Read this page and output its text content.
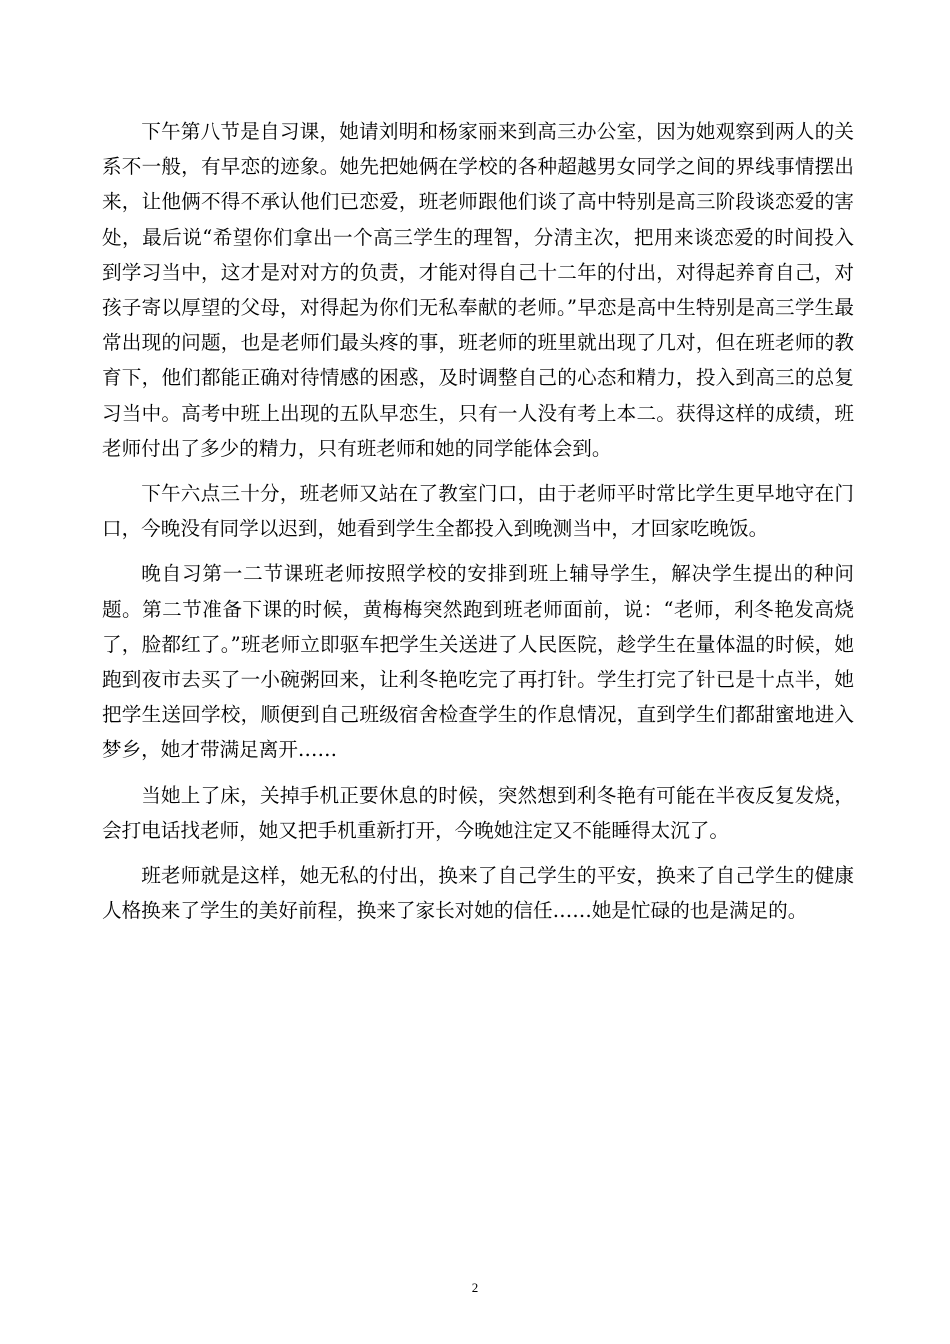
下午第八节是自习课，她请刘明和杨家丽来到高三办公室，因为她观察到两人的关系不一般，有早恋的迹象。她先把她俩在学校的各种超越男女同学之间的界线事情摆出来，让他俩不得不承认他们已恋爱，班老师跟他们谈了高中特别是高三阶段谈恋爱的害处，最后说“希望你们拿出一个高三学生的理智，分清主次，把用来谈恋爱的时间投入到学习当中，这才是对对方的负责，才能对得自己十二年的付出，对得起养育自己，对孩子寄以厚望的父母，对得起为你们无私奉献的老师。”早恋是高中生特别是高三学生最常出现的问题，也是老师们最头疼的事，班老师的班里就出现了几对，但在班老师的教育下，他们都能正确对待情感的困惑，及时调整自己的心态和精力，投入到高三的总复习当中。高考中班上出现的五队早恋生，只有一人没有考上本二。获得这样的成绩，班老师付出了多少的精力，只有班老师和她的同学能体会到。

下午六点三十分，班老师又站在了教室门口，由于老师平时常比学生更早地守在门口，今晚没有同学以迟到，她看到学生全都投入到晚测当中，才回家吃晚饭。

晚自习第一二节课班老师按照学校的安排到班上辅导学生，解决学生提出的种问题。第二节准备下课的时候，黄梅梅突然跑到班老师面前，说：“老师，利冬艳发高烧了，脸都红了。”班老师立即驱车把学生关送进了人民医院，趁学生在量体温的时候，她跑到夜市去买了一小碗粥回来，让利冬艳吃完了再打针。学生打完了针已是十点半，她把学生送回学校，顺便到自己班级宿舍检查学生的作息情况，直到学生们都甜蜜地进入梦乡，她才带满足离开……

当她上了床，关掉手机正要休息的时候，突然想到利冬艳有可能在半夜反复发烧，会打电话找老师，她又把手机重新打开，今晚她注定又不能睡得太沉了。

班老师就是这样，她无私的付出，换来了自己学生的平安，换来了自己学生的健康人格换来了学生的美好前程，换来了家长对她的信任……她是忙碌的也是满足的。

2
